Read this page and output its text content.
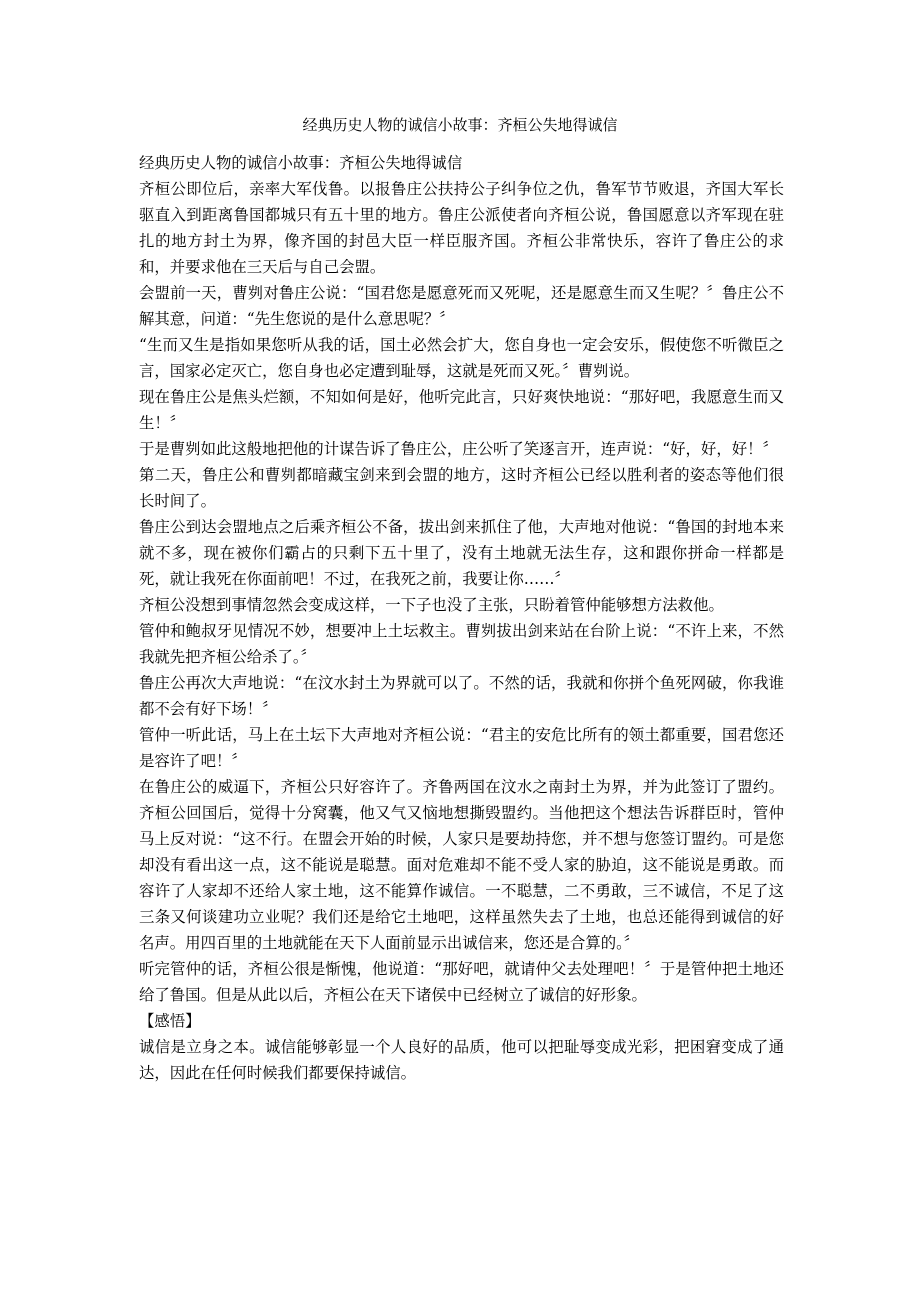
经典历史人物的诚信小故事：齐桓公失地得诚信

经典历史人物的诚信小故事：齐桓公失地得诚信

齐桓公即位后，亲率大军伐鲁。以报鲁庄公扶持公子纠争位之仇，鲁军节节败退，齐国大军长驱直入到距离鲁国都城只有五十里的地方。鲁庄公派使者向齐桓公说，鲁国愿意以齐军现在驻扎的地方封土为界，像齐国的封邑大臣一样臣服齐国。齐桓公非常快乐，容许了鲁庄公的求和，并要求他在三天后与自己会盟。

会盟前一天，曹刿对鲁庄公说：“国君您是愿意死而又死呢，还是愿意生而又生呢？〞鲁庄公不解其意，问道：“先生您说的是什么意思呢？〞

“生而又生是指如果您听从我的话，国土必然会扩大，您自身也一定会安乐，假使您不听微臣之言，国家必定灭亡，您自身也必定遭到耻辱，这就是死而又死。〞曹刿说。

现在鲁庄公是焦头烂额，不知如何是好，他听完此言，只好爽快地说：“那好吧，我愿意生而又生！〞

于是曹刿如此这般地把他的计谋告诉了鲁庄公，庄公听了笑逐言开，连声说：“好，好，好！〞

第二天，鲁庄公和曹刿都暗藏宝剑来到会盟的地方，这时齐桓公已经以胜利者的姿态等他们很长时间了。

鲁庄公到达会盟地点之后乘齐桓公不备，拔出剑来抓住了他，大声地对他说：“鲁国的封地本来就不多，现在被你们霸占的只剩下五十里了，没有土地就无法生存，这和跟你拼命一样都是死，就让我死在你面前吧！不过，在我死之前，我要让你……〞

齐桓公没想到事情忽然会变成这样，一下子也没了主张，只盼着管仲能够想方法救他。

管仲和鲍叔牙见情况不妙，想要冲上土坛救主。曹刿拔出剑来站在台阶上说：“不许上来，不然我就先把齐桓公给杀了。〞

鲁庄公再次大声地说：“在汶水封土为界就可以了。不然的话，我就和你拼个鱼死网破，你我谁都不会有好下场！〞

管仲一听此话，马上在土坛下大声地对齐桓公说：“君主的安危比所有的领土都重要，国君您还是容许了吧！〞

在鲁庄公的威逼下，齐桓公只好容许了。齐鲁两国在汶水之南封土为界，并为此签订了盟约。齐桓公回国后，觉得十分窝囊，他又气又恼地想撕毁盟约。当他把这个想法告诉群臣时，管仲马上反对说：“这不行。在盟会开始的时候，人家只是要劫持您，并不想与您签订盟约。可是您却没有看出这一点，这不能说是聪慧。面对危难却不能不受人家的胁迫，这不能说是勇敢。而容许了人家却不还给人家土地，这不能算作诚信。一不聪慧，二不勇敢，三不诚信，不足了这三条又何谈建功立业呢？我们还是给它土地吧，这样虽然失去了土地，也总还能得到诚信的好名声。用四百里的土地就能在天下人面前显示出诚信来，您还是合算的。〞

听完管仲的话，齐桓公很是惭愧，他说道：“那好吧，就请仲父去处理吧！〞于是管仲把土地还给了鲁国。但是从此以后，齐桓公在天下诸侯中已经树立了诚信的好形象。

【感悟】

诚信是立身之本。诚信能够彰显一个人良好的品质，他可以把耻辱变成光彩，把困窘变成了通达，因此在任何时候我们都要保持诚信。
